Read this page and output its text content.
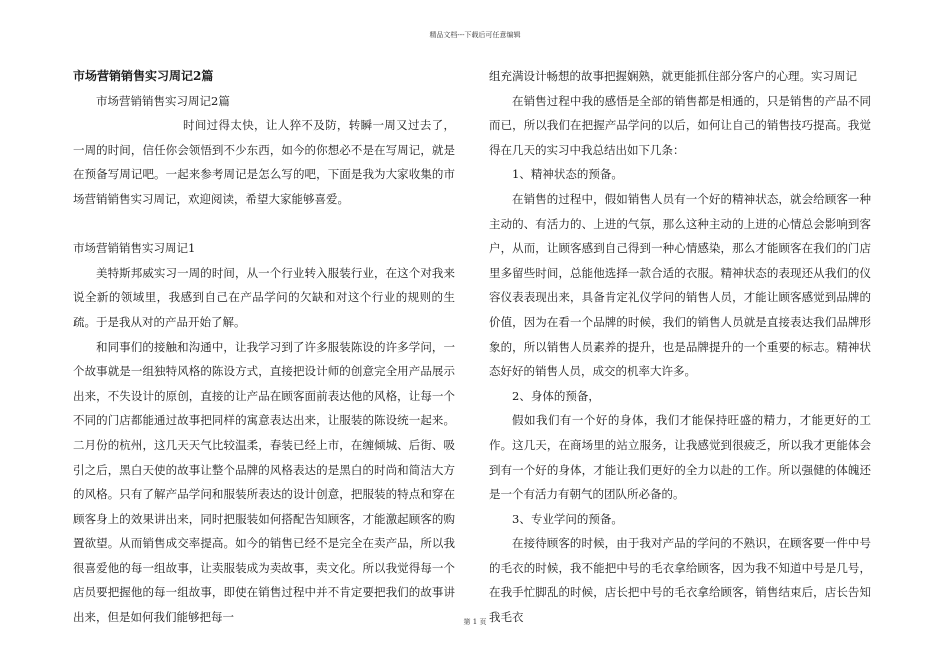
精品文档---下载后可任意编辑

市场营销销售实习周记2篇

市场营销销售实习周记2篇

时间过得太快，让人猝不及防，转瞬一周又过去了，一周的时间，信任你会领悟到不少东西，如今的你想必不是在写周记，就是在预备写周记吧。一起来参考周记是怎么写的吧，下面是我为大家收集的市场营销销售实习周记，欢迎阅读，希望大家能够喜爱。

市场营销销售实习周记1

美特斯邦威实习一周的时间，从一个行业转入服装行业，在这个对我来说全新的领域里，我感到自己在产品学问的欠缺和对这个行业的规则的生疏。于是我从对的产品开始了解。

和同事们的接触和沟通中，让我学习到了许多服装陈设的许多学问，一个故事就是一组独特风格的陈设方式，直接把设计师的创意完全用产品展示出来，不失设计的原创，直接的让产品在顾客面前表达他的风格，让每一个不同的门店都能通过故事把同样的寓意表达出来，让服装的陈设统一起来。二月份的杭州，这几天天气比较温柔，春装已经上市，在缠倾城、后街、吸引之后，黑白天使的故事让整个品牌的风格表达的是黑白的时尚和简洁大方的风格。只有了解产品学问和服装所表达的设计创意，把服装的特点和穿在顾客身上的效果讲出来，同时把服装如何搭配告知顾客，才能激起顾客的购置欲望。从而销售成交率提高。如今的销售已经不是完全在卖产品，所以我很喜爱他的每一组故事，让卖服装成为卖故事，卖文化。所以我觉得每一个店员要把握他的每一组故事，即使在销售过程中并不肯定要把我们的故事讲出来，但是如何我们能够把每一

组充满设计畅想的故事把握娴熟，就更能抓住部分客户的心理。实习周记

在销售过程中我的感悟是全部的销售都是相通的，只是销售的产品不同而已，所以我们在把握产品学问的以后，如何让自己的销售技巧提高。我觉得在几天的实习中我总结出如下几条：

1、精神状态的预备。

在销售的过程中，假如销售人员有一个好的精神状态，就会给顾客一种主动的、有活力的、上进的气氛，那么这种主动的上进的心情总会影响到客户，从而，让顾客感到自己得到一种心情感染，那么才能顾客在我们的门店里多留些时间，总能他选择一款合适的衣服。精神状态的表现还从我们的仪容仪表表现出来，具备肯定礼仪学问的销售人员，才能让顾客感觉到品牌的价值，因为在看一个品牌的时候，我们的销售人员就是直接表达我们品牌形象的，所以销售人员素养的提升，也是品牌提升的一个重要的标志。精神状态好好的销售人员，成交的机率大许多。

2、身体的预备，

假如我们有一个好的身体，我们才能保持旺盛的精力，才能更好的工作。这几天，在商场里的站立服务，让我感觉到很疲乏，所以我才更能体会到有一个好的身体，才能让我们更好的全力以赴的工作。所以强健的体魄还是一个有活力有朝气的团队所必备的。

3、专业学问的预备。

在接待顾客的时候，由于我对产品的学问的不熟识，在顾客要一件中号的毛衣的时候，我不能把中号的毛衣拿给顾客，因为我不知道中号是几号，在我手忙脚乱的时候，店长把中号的毛衣拿给顾客，销售结束后，店长告知我毛衣

第 1 页
